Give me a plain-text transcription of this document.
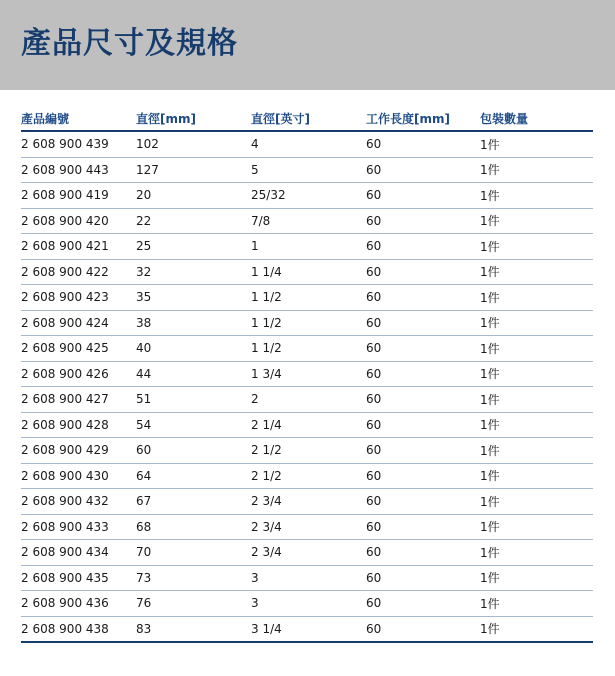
產品尺寸及規格
產品編號	直徑[mm]	直徑[英寸]	工作長度[mm]	包裝數量
2 608 900 439	102	4	60	1件
2 608 900 443	127	5	60	1件
2 608 900 419	20	25/32	60	1件
2 608 900 420	22	7/8	60	1件
2 608 900 421	25	1	60	1件
2 608 900 422	32	1 1/4	60	1件
2 608 900 423	35	1 1/2	60	1件
2 608 900 424	38	1 1/2	60	1件
2 608 900 425	40	1 1/2	60	1件
2 608 900 426	44	1 3/4	60	1件
2 608 900 427	51	2	60	1件
2 608 900 428	54	2 1/4	60	1件
2 608 900 429	60	2 1/2	60	1件
2 608 900 430	64	2 1/2	60	1件
2 608 900 432	67	2 3/4	60	1件
2 608 900 433	68	2 3/4	60	1件
2 608 900 434	70	2 3/4	60	1件
2 608 900 435	73	3	60	1件
2 608 900 436	76	3	60	1件
2 608 900 438	83	3 1/4	60	1件
